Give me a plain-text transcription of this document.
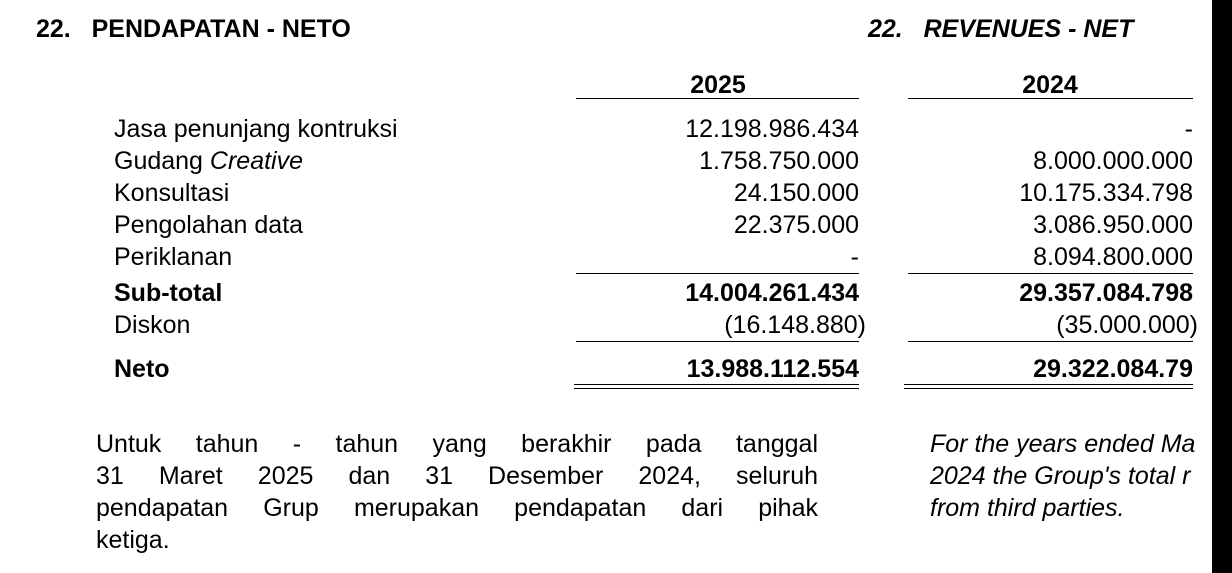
22. PENDAPATAN - NETO	22. REVENUES - NET
2025	2024
Jasa penunjang kontruksi	12.198.986.434	-
Gudang Creative	1.758.750.000	8.000.000.000
Konsultasi	24.150.000	10.175.334.798
Pengolahan data	22.375.000	3.086.950.000
Periklanan	-	8.094.800.000
Sub-total	14.004.261.434	29.357.084.798
Diskon	(16.148.880)	(35.000.000)
Neto	13.988.112.554	29.322.084.79
Untuk tahun - tahun yang berakhir pada tanggal
31 Maret 2025 dan 31 Desember 2024, seluruh
pendapatan Grup merupakan pendapatan dari pihak
ketiga.
For the years ended Ma
2024 the Group's total r
from third parties.
